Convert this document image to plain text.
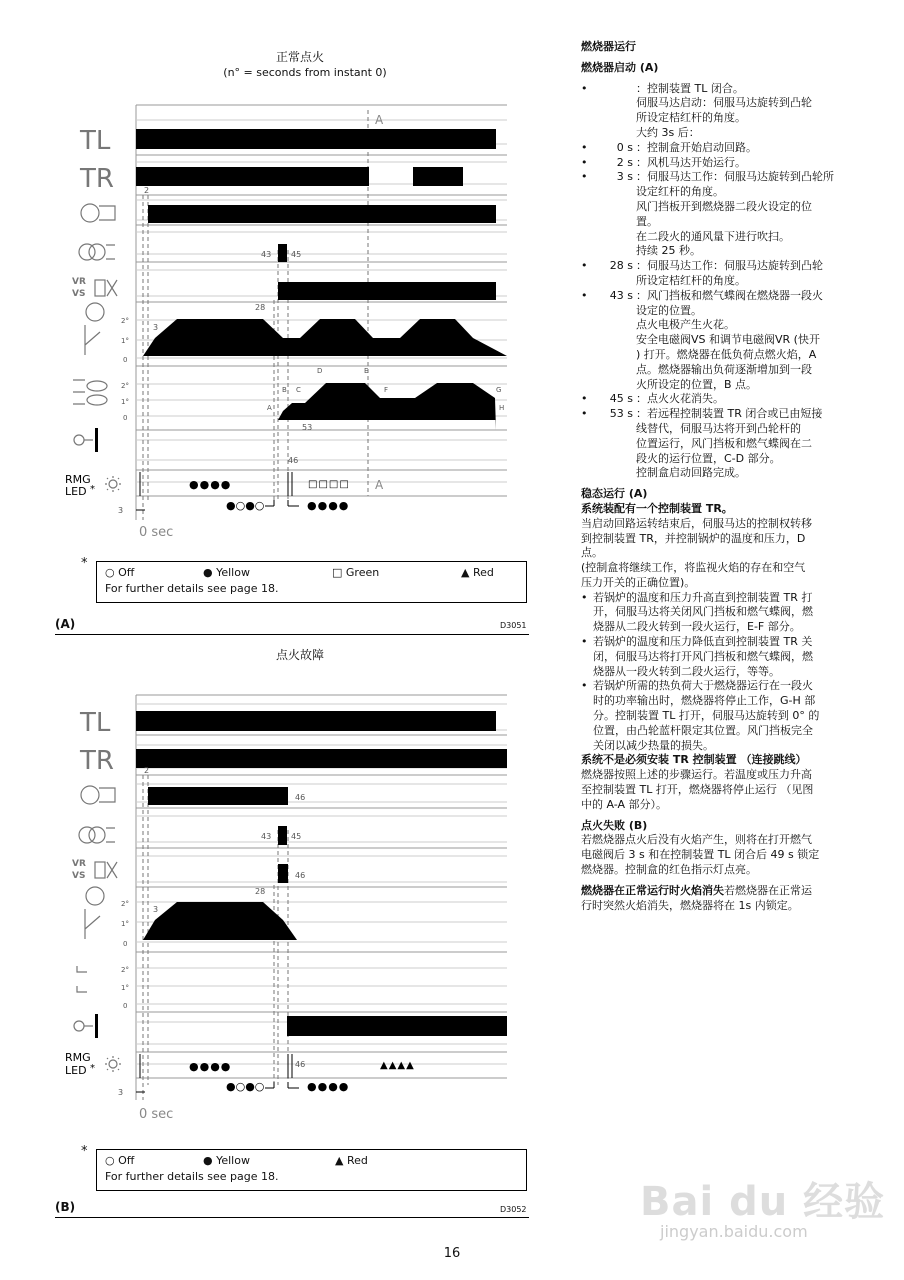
正常点火
(n° = seconds from instant 0)
2
3
28
43 45
46
53
A
A
0 sec
3
A
B C
D	E
F	G
H
2°
1°
0
2°
1°
0
TL
TR
VR
VS
RMG
LED *	●●●●
●○●○
□□□□
●●●●
*
○ Off	● Yellow	□ Green	▲ Red
For further details see page 18.
(A)	D3051
点火故障
2
3
28
43 45
46
46
46
0 sec
3
2°
1°
0
2°
1°
0
TL
TR
VR
VS
RMG
LED *	●●●●
●○●○	●●●●
▲▲▲▲
*
○ Off	● Yellow	▲ Red
For further details see page 18.
(B)	D3052

燃烧器运行

燃烧器启动 (A)

•	：控制装置 TL 闭合。
伺服马达启动：伺服马达旋转到凸轮
所设定桔红杆的角度。
大约 3s 后：
•	0 s ：控制盒开始启动回路。
•	2 s ：风机马达开始运行。
•	3 s ：伺服马达工作：伺服马达旋转到凸轮所
设定红杆的角度。
风门挡板开到燃烧器二段火设定的位
置。
在二段火的通风量下进行吹扫。
持续 25 秒。
•	28 s ：伺服马达工作：伺服马达旋转到凸轮
所设定桔红杆的角度。
•	43 s ：风门挡板和燃气蝶阀在燃烧器一段火
设定的位置。
点火电极产生火花。
安全电磁阀VS 和调节电磁阀VR (快开
) 打开。燃烧器在低负荷点燃火焰，A
点。燃烧器输出负荷逐渐增加到一段
火所设定的位置，B 点。
•	45 s ：点火火花消失。
•	53 s ：若远程控制装置 TR 闭合或已由短接
线替代，伺服马达将开到凸轮杆的
位置运行，风门挡板和燃气蝶阀在二
段火的运行位置，C-D 部分。
控制盒启动回路完成。

稳态运行 (A)

系统装配有一个控制装置 TR。

当启动回路运转结束后，伺服马达的控制权转移
到控制装置 TR，并控制锅炉的温度和压力，D
点。
(控制盒将继续工作，将监视火焰的存在和空气
压力开关的正确位置)。
• 若锅炉的温度和压力升高直到控制装置 TR 打
开，伺服马达将关闭风门挡板和燃气蝶阀，燃
烧器从二段火转到一段火运行，E-F 部分。
• 若锅炉的温度和压力降低直到控制装置 TR 关
闭，伺服马达将打开风门挡板和燃气蝶阀，燃
烧器从一段火转到二段火运行，等等。
• 若锅炉所需的热负荷大于燃烧器运行在一段火
时的功率输出时，燃烧器将停止工作，G-H 部
分。控制装置 TL 打开，伺服马达旋转到 0° 的
位置，由凸轮蓝杆限定其位置。风门挡板完全
关闭以减少热量的损失。

系统不是必须安装 TR 控制装置 （连接跳线）

燃烧器按照上述的步骤运行。若温度或压力升高
至控制装置 TL 打开，燃烧器将停止运行 （见图
中的 A-A 部分）。

点火失败 (B)

若燃烧器点火后没有火焰产生，则将在打开燃气
电磁阀后 3 s 和在控制装置 TL 闭合后 49 s 锁定
燃烧器。控制盒的红色指示灯点亮。

燃烧器在正常运行时火焰消失若燃烧器在正常运

行时突然火焰消失，燃烧器将在 1s 内锁定。

16
Bai du 经验
jingyan.baidu.com
